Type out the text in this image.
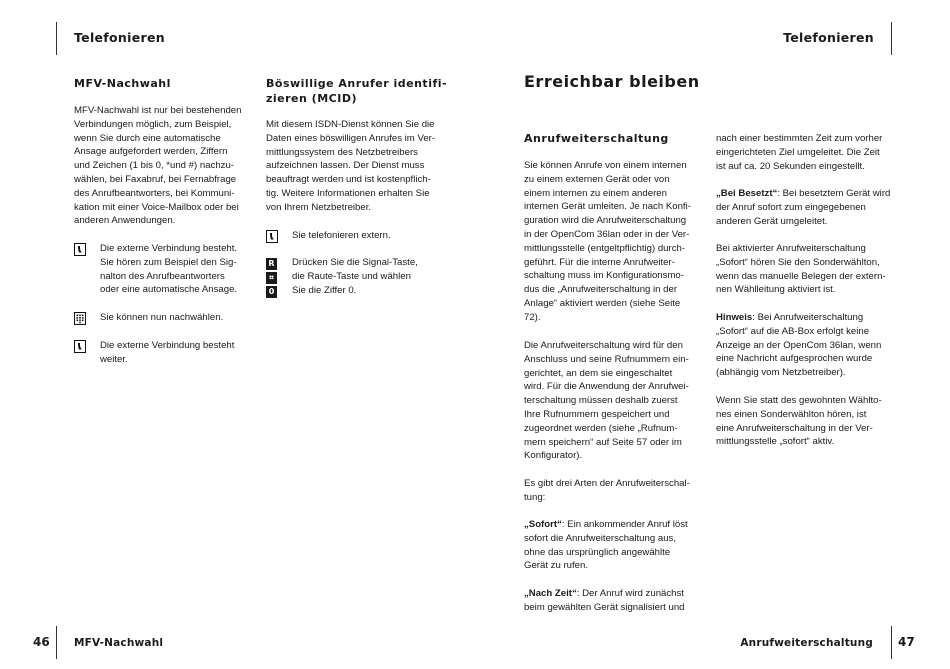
Telefonieren	Telefonieren
46 MFV-Nachwahl	Anrufweiterschaltung 47
MFV-Nachwahl
MFV-Nachwahl ist nur bei bestehenden
Verbindungen möglich, zum Beispiel,
wenn Sie durch eine automatische
Ansage aufgefordert werden, Ziffern
und Zeichen (1 bis 0, *und #) nachzu-
wählen, bei Faxabruf, bei Fernabfrage
des Anrufbeantworters, bei Kommuni-
kation mit einer Voice-Mailbox oder bei
anderen Anwendungen.
Die externe Verbindung besteht.
Sie hören zum Beispiel den Sig-
nalton des Anrufbeantworters
oder eine automatische Ansage.
Sie können nun nachwählen.
Die externe Verbindung besteht
weiter.
Böswillige Anrufer identifi-
zieren (MCID)
Mit diesem ISDN-Dienst können Sie die
Daten eines böswilligen Anrufes im Ver-
mittlungssystem des Netzbetreibers
aufzeichnen lassen. Der Dienst muss
beauftragt werden und ist kostenpflich-
tig. Weitere Informationen erhalten Sie
von Ihrem Netzbetreiber.
Sie telefonieren extern.
R
⌗
0
Drücken Sie die Signal-Taste,
die Raute-Taste und wählen
Sie die Ziffer 0.
Erreichbar bleiben
Anrufweiterschaltung
Sie können Anrufe von einem internen
zu einem externen Gerät oder von
einem internen zu einem anderen
internen Gerät umleiten. Je nach Konfi-
guration wird die Anrufweiterschaltung
in der OpenCom 36lan oder in der Ver-
mittlungsstelle (entgeltpflichtig) durch-
geführt. Für die interne Anrufweiter-
schaltung muss im Konfigurationsmo-
dus die „Anrufweiterschaltung in der
Anlage“ aktiviert werden (siehe Seite
72).
Die Anrufweiterschaltung wird für den
Anschluss und seine Rufnummern ein-
gerichtet, an dem sie eingeschaltet
wird. Für die Anwendung der Anrufwei-
terschaltung müssen deshalb zuerst
Ihre Rufnummern gespeichert und
zugeordnet werden (siehe „Rufnum-
mern speichern“ auf Seite 57 oder im
Konfigurator).
Es gibt drei Arten der Anrufweiterschal-
tung:
„Sofort“: Ein ankommender Anruf löst
sofort die Anrufweiterschaltung aus,
ohne das ursprünglich angewählte
Gerät zu rufen.
„Nach Zeit“: Der Anruf wird zunächst
beim gewählten Gerät signalisiert und
nach einer bestimmten Zeit zum vorher
eingerichteten Ziel umgeleitet. Die Zeit
ist auf ca. 20 Sekunden eingestellt.
„Bei Besetzt“: Bei besetztem Gerät wird
der Anruf sofort zum eingegebenen
anderen Gerät umgeleitet.
Bei aktivierter Anrufweiterschaltung
„Sofort“ hören Sie den Sonderwählton,
wenn das manuelle Belegen der extern-
nen Wählleitung aktiviert ist.
Hinweis: Bei Anrufweiterschaltung
„Sofort“ auf die AB-Box erfolgt keine
Anzeige an der OpenCom 36lan, wenn
eine Nachricht aufgesprochen wurde
(abhängig vom Netzbetreiber).
Wenn Sie statt des gewohnten Wählto-
nes einen Sonderwählton hören, ist
eine Anrufweiterschaltung in der Ver-
mittlungsstelle „sofort“ aktiv.
